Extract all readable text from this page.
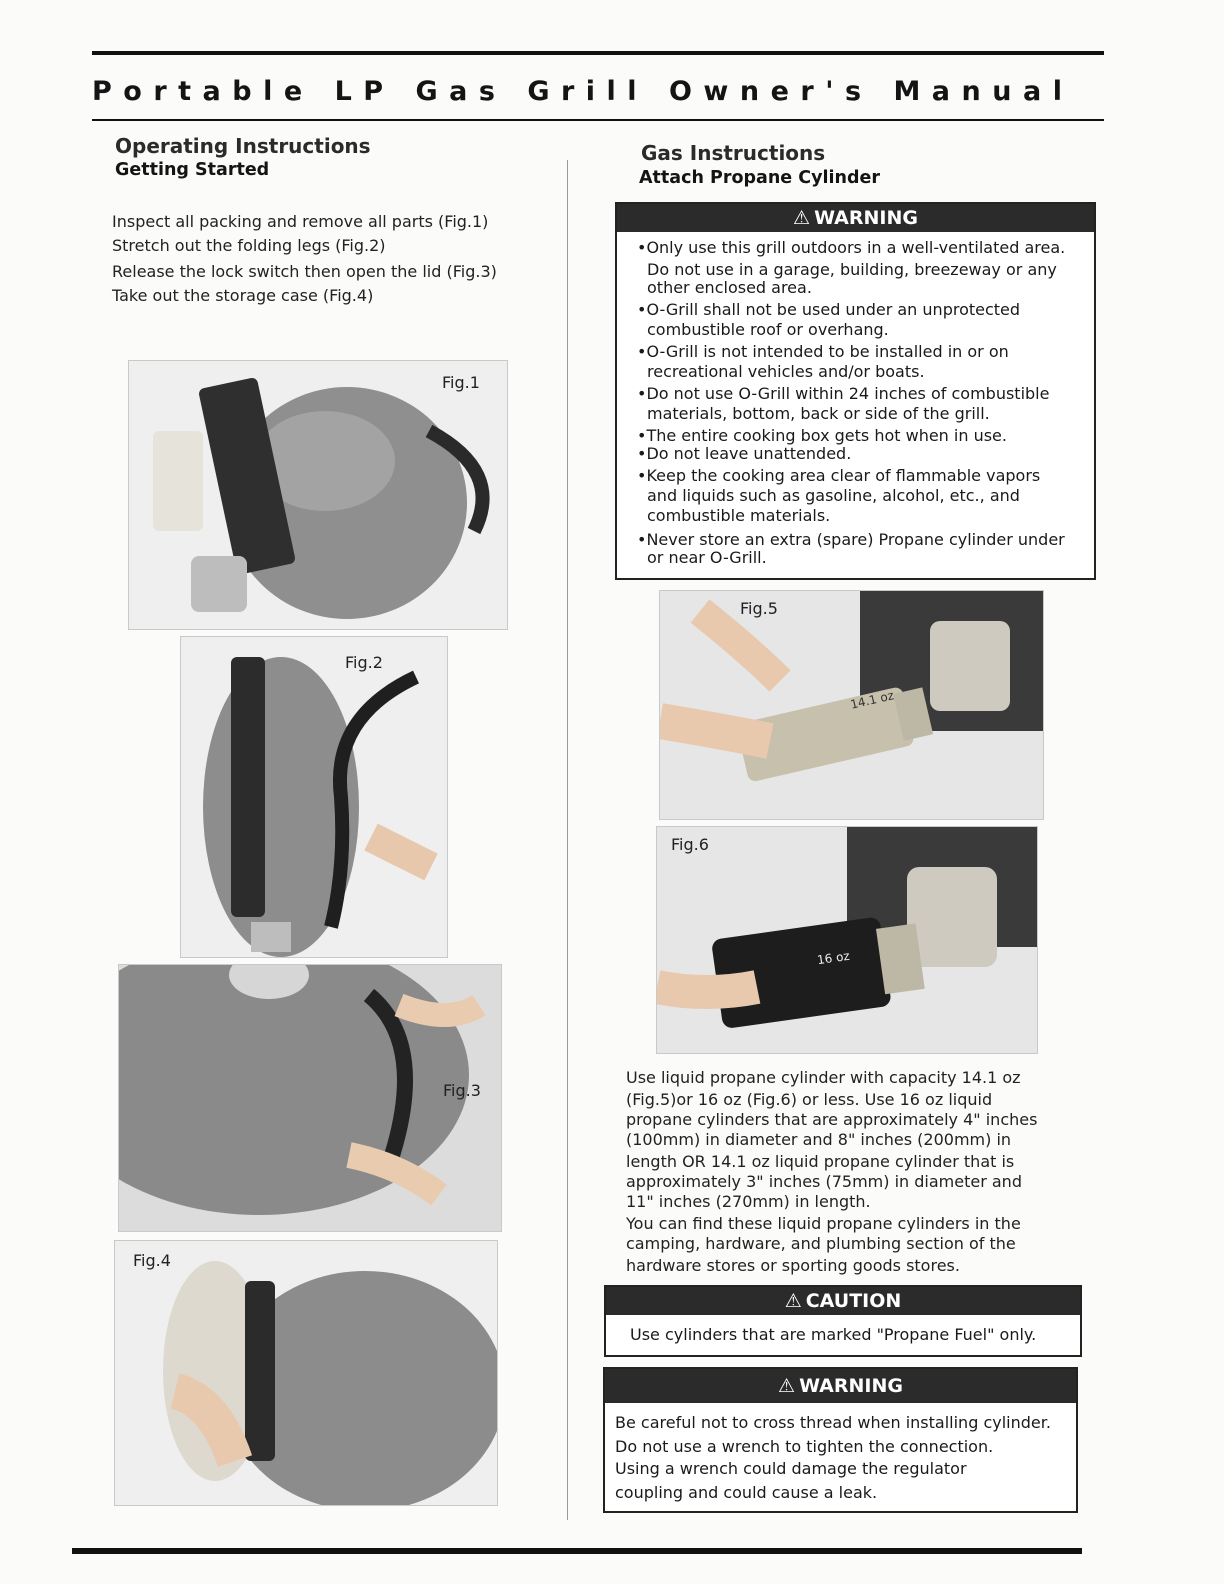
Portable LP Gas Grill Owner's Manual
Operating Instructions
Getting Started
Inspect all packing and remove all parts (Fig.1)
Stretch out the folding legs (Fig.2)
Release the lock switch then open the lid (Fig.3)
Take out the storage case (Fig.4)
Fig.1
Fig.2
Fig.3
Fig.4
Gas Instructions
Attach Propane Cylinder
⚠ WARNING
•Only use this grill outdoors in a well-ventilated area.
Do not use in a garage, building, breezeway or any
other enclosed area.
•O-Grill shall not be used under an unprotected
combustible roof or overhang.
•O-Grill is not intended to be installed in or on
recreational vehicles and/or boats.
•Do not use O-Grill within 24 inches of combustible
materials, bottom, back or side of the grill.
•The entire cooking box gets hot when in use.
•Do not leave unattended.
•Keep the cooking area clear of flammable vapors
and liquids such as gasoline, alcohol, etc., and
combustible materials.
•Never store an extra (spare) Propane cylinder under
or near O-Grill.
Fig.5
14.1 oz
Fig.6
16 oz
Use liquid propane cylinder with capacity 14.1 oz
(Fig.5)or 16 oz (Fig.6) or less. Use 16 oz liquid
propane cylinders that are approximately 4" inches
(100mm) in diameter and 8" inches (200mm) in
length OR 14.1 oz liquid propane cylinder that is
approximately 3" inches (75mm) in diameter and
11" inches (270mm) in length.
You can find these liquid propane cylinders in the
camping, hardware, and plumbing section of the
hardware stores or sporting goods stores.
⚠ CAUTION
Use cylinders that are marked "Propane Fuel" only.
⚠ WARNING
Be careful not to cross thread when installing cylinder.
Do not use a wrench to tighten the connection.
Using a wrench could damage the regulator
coupling and could cause a leak.
